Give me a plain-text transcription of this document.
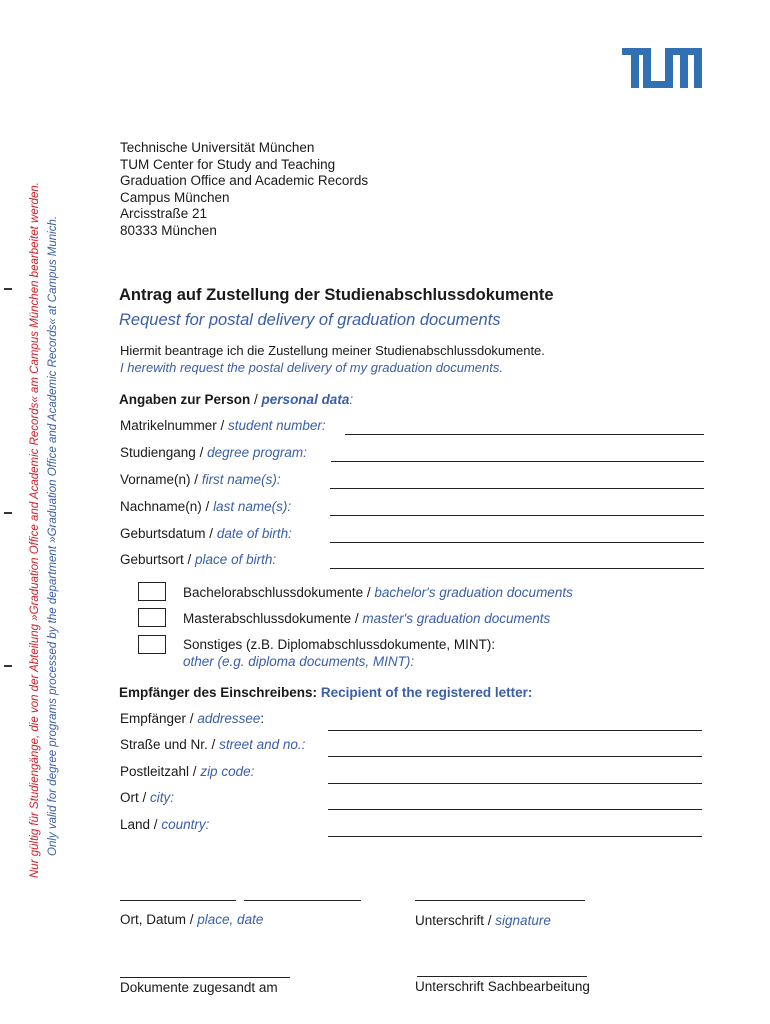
Nur gültig für Studiengänge, die von der Abteilung »Graduation Office and Academic Records« am Campus München bearbeitet werden. Only valid for degree programs processed by the department »Graduation Office and Academic Records« at Campus Munich.
Technische Universität München
TUM Center for Study and Teaching
Graduation Office and Academic Records
Campus München
Arcisstraße 21
80333 München
Antrag auf Zustellung der Studienabschlussdokumente
Request for postal delivery of graduation documents
Hiermit beantrage ich die Zustellung meiner Studienabschlussdokumente.
I herewith request the postal delivery of my graduation documents.
Angaben zur Person / personal data:
Matrikelnummer / student number:
Studiengang / degree program:
Vorname(n) / first name(s):
Nachname(n) / last name(s):
Geburtsdatum / date of birth:
Geburtsort / place of birth:
Bachelorabschlussdokumente / bachelor's graduation documents
Masterabschlussdokumente / master's graduation documents
Sonstiges (z.B. Diplomabschlussdokumente, MINT):
other (e.g. diploma documents, MINT):
Empfänger des Einschreibens: Recipient of the registered letter:
Empfänger / addressee:
Straße und Nr. / street and no.:
Postleitzahl / zip code:
Ort / city:
Land / country:
Ort, Datum / place, date	Unterschrift / signature
Dokumente zugesandt am	Unterschrift Sachbearbeitung
